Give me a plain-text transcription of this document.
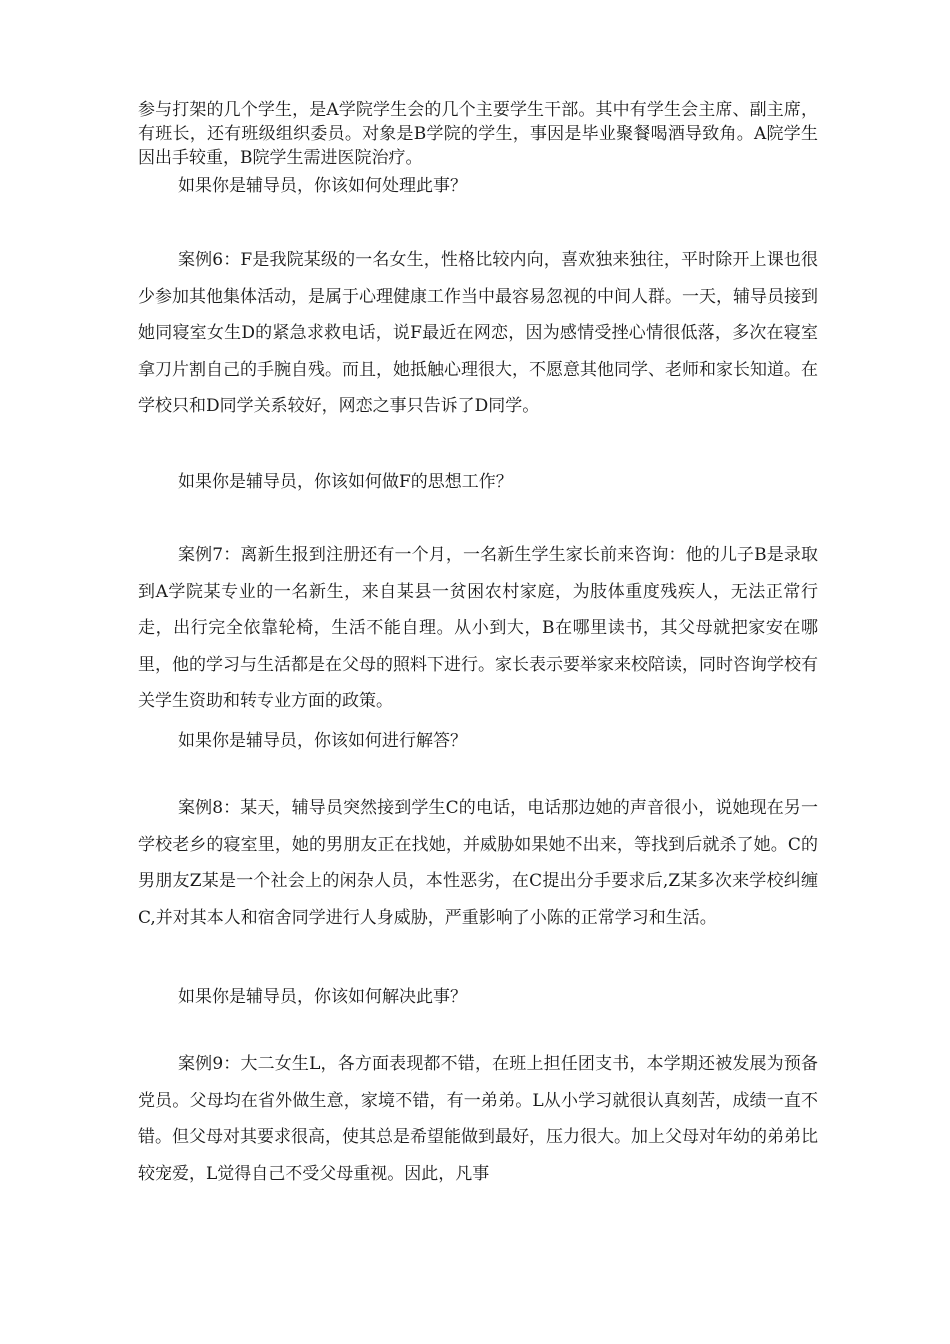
参与打架的几个学生，是A学院学生会的几个主要学生干部。其中有学生会主席、副主席，有班长，还有班级组织委员。对象是B学院的学生，事因是毕业聚餐喝酒导致角。A院学生因出手较重，B院学生需进医院治疗。

如果你是辅导员，你该如何处理此事？

案例6：F是我院某级的一名女生，性格比较内向，喜欢独来独往，平时除开上课也很少参加其他集体活动，是属于心理健康工作当中最容易忽视的中间人群。一天，辅导员接到她同寝室女生D的紧急求救电话，说F最近在网恋，因为感情受挫心情很低落，多次在寝室拿刀片割自己的手腕自残。而且，她抵触心理很大，不愿意其他同学、老师和家长知道。在学校只和D同学关系较好，网恋之事只告诉了D同学。

如果你是辅导员，你该如何做F的思想工作？

案例7：离新生报到注册还有一个月，一名新生学生家长前来咨询：他的儿子B是录取到A学院某专业的一名新生，来自某县一贫困农村家庭，为肢体重度残疾人，无法正常行走，出行完全依靠轮椅，生活不能自理。从小到大，B在哪里读书，其父母就把家安在哪里，他的学习与生活都是在父母的照料下进行。家长表示要举家来校陪读，同时咨询学校有关学生资助和转专业方面的政策。

如果你是辅导员，你该如何进行解答？

案例8：某天，辅导员突然接到学生C的电话，电话那边她的声音很小，说她现在另一学校老乡的寝室里，她的男朋友正在找她，并威胁如果她不出来，等找到后就杀了她。C的男朋友Z某是一个社会上的闲杂人员，本性恶劣，在C提出分手要求后,Z某多次来学校纠缠C,并对其本人和宿舍同学进行人身威胁，严重影响了小陈的正常学习和生活。

如果你是辅导员，你该如何解决此事？

案例9：大二女生L，各方面表现都不错，在班上担任团支书，本学期还被发展为预备党员。父母均在省外做生意，家境不错，有一弟弟。L从小学习就很认真刻苦，成绩一直不错。但父母对其要求很高，使其总是希望能做到最好，压力很大。加上父母对年幼的弟弟比较宠爱，L觉得自己不受父母重视。因此，凡事
